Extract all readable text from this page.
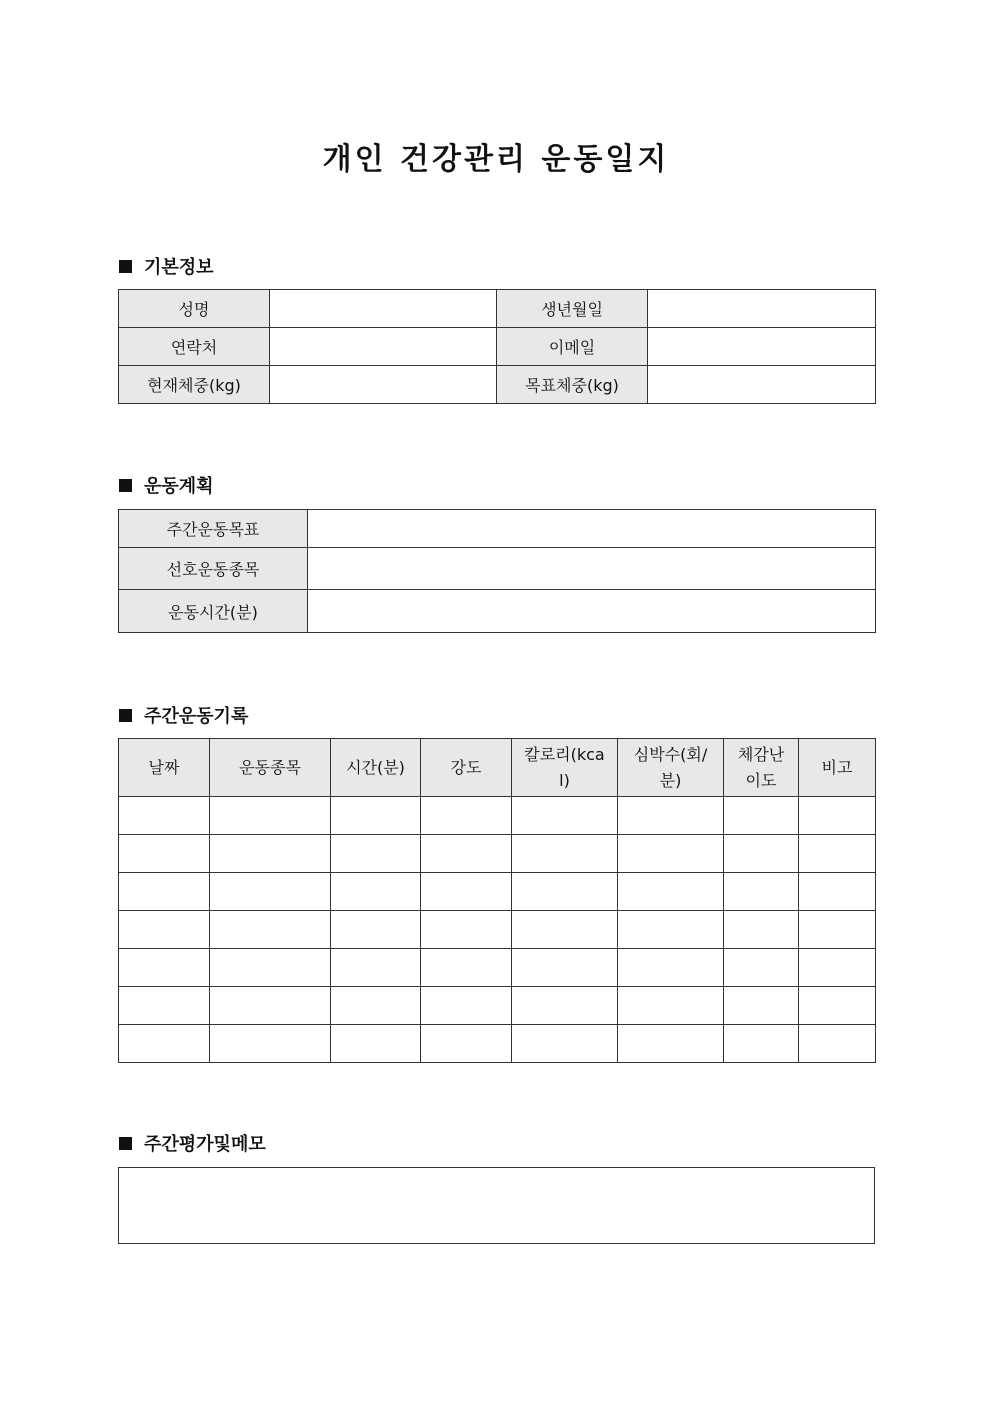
개인 건강관리 운동일지
기본정보
성명		생년월일	
연락처		이메일	
현재체중(kg)		목표체중(kg)	
운동계획
주간운동목표	
선호운동종목	
운동시간(분)	
주간운동기록
날짜	운동종목	시간(분)	강도	칼로리(kcal)	심박수(회/분)	체감난이도	비고

주간평가및메모
